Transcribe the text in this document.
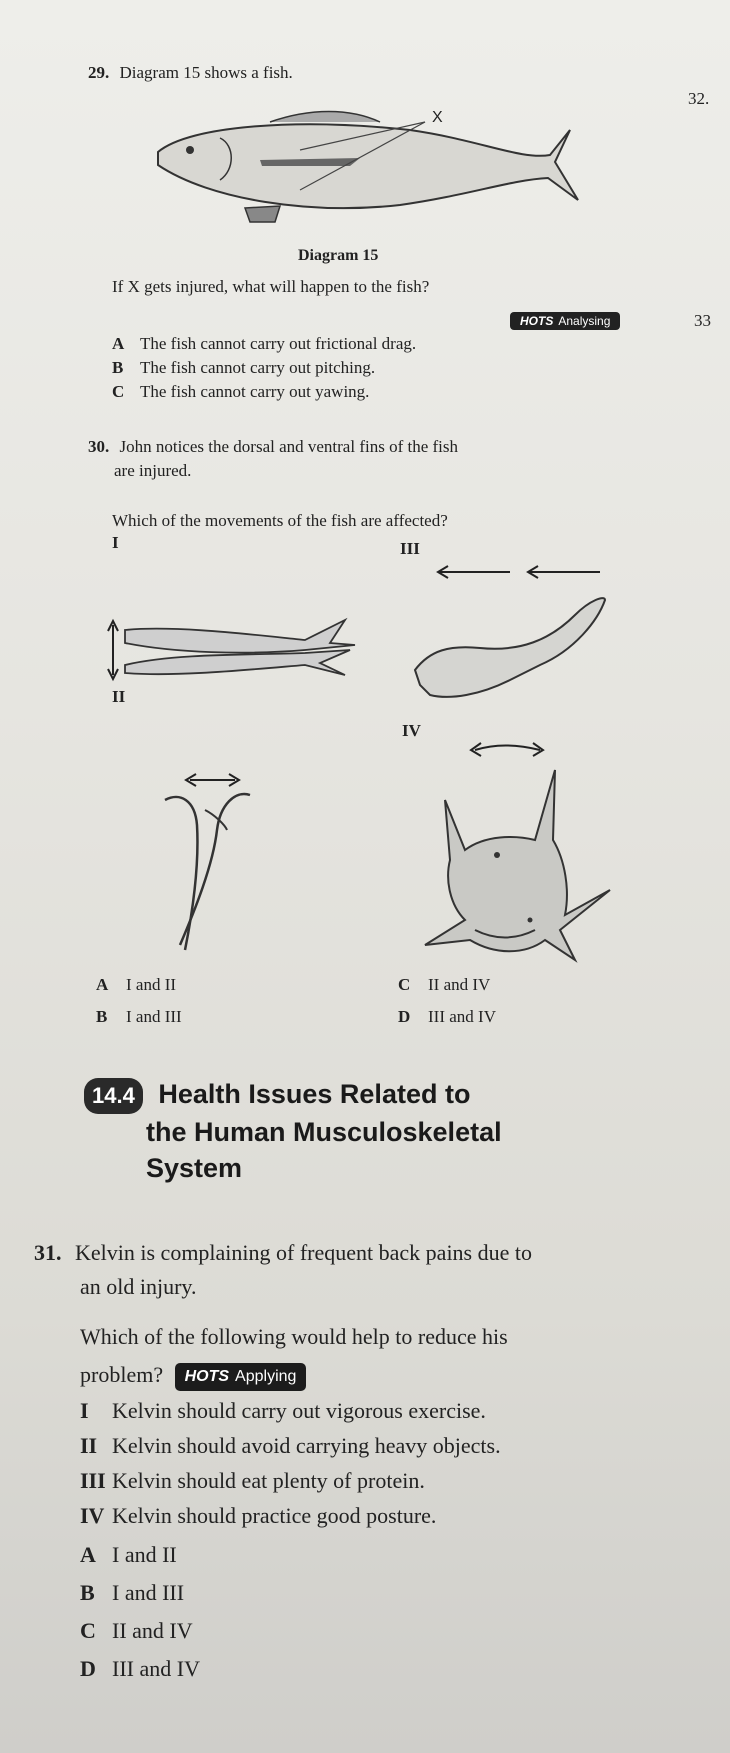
29. Diagram 15 shows a fish.
32.
X
Diagram 15
If X gets injured, what will happen to the fish?
HOTS Analysing	33
A The fish cannot carry out frictional drag.
B The fish cannot carry out pitching.
C The fish cannot carry out yawing.
30. John notices the dorsal and ventral fins of the fish
are injured.
Which of the movements of the fish are affected?
I	III
II
IV
A I and II
B I and III
C II and IV
D III and IV
14.4 Health Issues Related to
the Human Musculoskeletal
System
31. Kelvin is complaining of frequent back pains due to
an old injury.
Which of the following would help to reduce his
problem? HOTS Applying
I Kelvin should carry out vigorous exercise.
II Kelvin should avoid carrying heavy objects.
III Kelvin should eat plenty of protein.
IV Kelvin should practice good posture.
A I and II
B I and III
C II and IV
D III and IV
